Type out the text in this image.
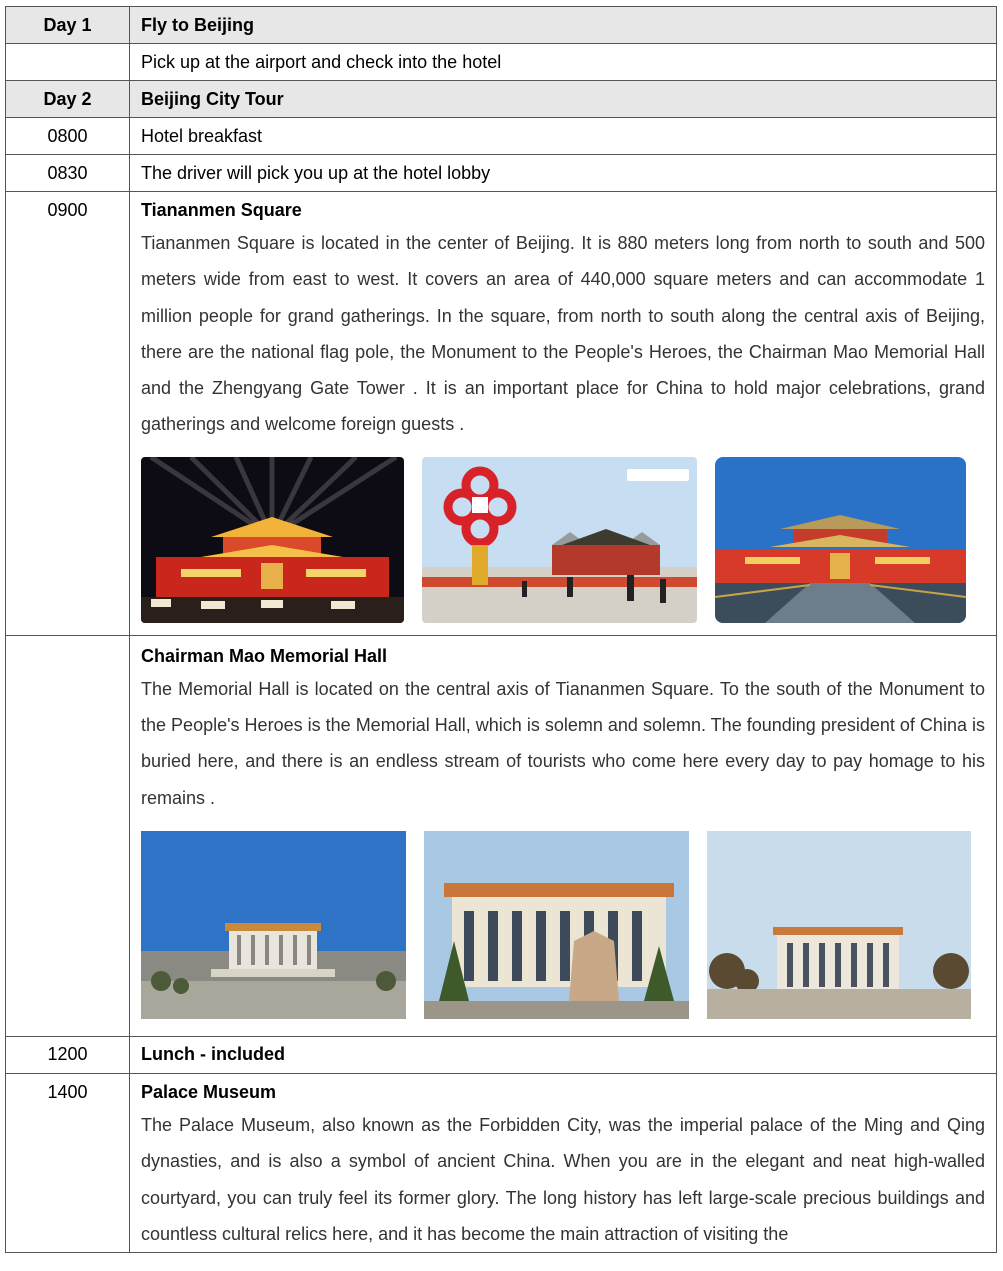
Day 1	Fly to Beijing
	Pick up at the airport and check into the hotel
Day 2	Beijing City Tour
0800	Hotel breakfast
0830	The driver will pick you up at the hotel lobby

0900	Tiananmen Square
Tiananmen Square is located in the center of Beijing. It is 880 meters long from north to south and 500 meters wide from east to west. It covers an area of 440,000 square meters and can accommodate 1 million people for grand gatherings. In the square, from north to south along the central axis of Beijing, there are the national flag pole, the Monument to the People's Heroes, the Chairman Mao Memorial Hall and the Zhengyang Gate Tower . It is an important place for China to hold major celebrations, grand gatherings and welcome foreign guests .

	Chairman Mao Memorial Hall
The Memorial Hall is located on the central axis of Tiananmen Square. To the south of the Monument to the People's Heroes is the Memorial Hall, which is solemn and solemn. The founding president of China is buried here, and there is an endless stream of tourists who come here every day to pay homage to his remains .

1200	Lunch - included

1400	Palace Museum
The Palace Museum, also known as the Forbidden City, was the imperial palace of the Ming and Qing dynasties, and is also a symbol of ancient China. When you are in the elegant and neat high-walled courtyard, you can truly feel its former glory. The long history has left large-scale precious buildings and countless cultural relics here, and it has become the main attraction of visiting the
